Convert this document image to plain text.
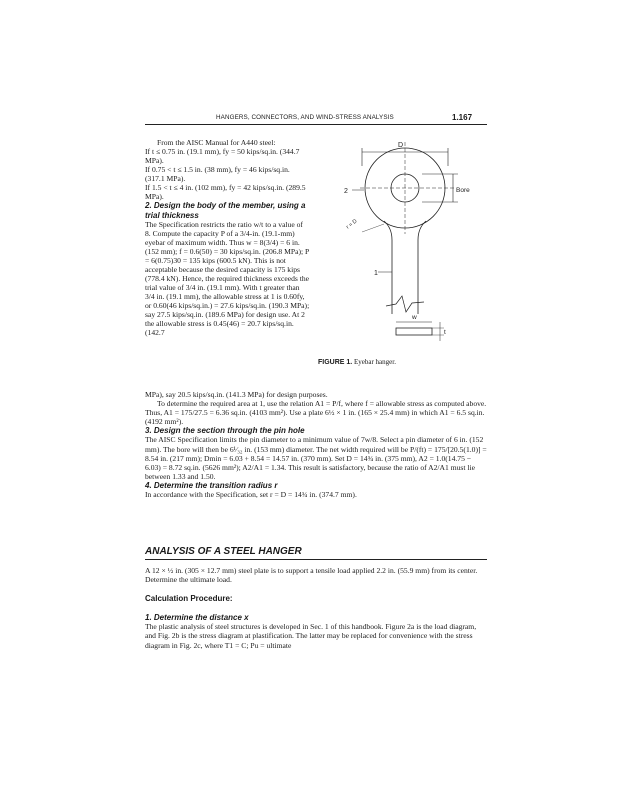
HANGERS, CONNECTORS, AND WIND-STRESS ANALYSIS	1.167

From the AISC Manual for A440 steel:

If t ≤ 0.75 in. (19.1 mm), fy = 50 kips/sq.in. (344.7 MPa).

If 0.75 < t ≤ 1.5 in. (38 mm), fy = 46 kips/sq.in. (317.1 MPa).

If 1.5 < t ≤ 4 in. (102 mm), fy = 42 kips/sq.in. (289.5 MPa).

2. Design the body of the member, using a trial thickness

The Specification restricts the ratio w/t to a value of 8. Compute the capacity P of a 3/4-in. (19.1-mm) eyebar of maximum width. Thus w = 8(3/4) = 6 in. (152 mm); f = 0.6(50) = 30 kips/sq.in. (206.8 MPa); P = 6(0.75)30 = 135 kips (600.5 kN). This is not acceptable because the desired capacity is 175 kips (778.4 kN). Hence, the required thickness exceeds the trial value of 3/4 in. (19.1 mm). With t greater than 3/4 in. (19.1 mm), the allowable stress at 1 is 0.60fy, or 0.60(46 kips/sq.in.) = 27.6 kips/sq.in. (190.3 MPa); say 27.5 kips/sq.in. (189.6 MPa) for design use. At 2 the allowable stress is 0.45(46) = 20.7 kips/sq.in. (142.7

D
Bore
2
r = D
1
w
t
FIGURE 1. Eyebar hanger.

MPa), say 20.5 kips/sq.in. (141.3 MPa) for design purposes.

To determine the required area at 1, use the relation A1 = P/f, where f = allowable stress as computed above. Thus, A1 = 175/27.5 = 6.36 sq.in. (4103 mm²). Use a plate 6½ × 1 in. (165 × 25.4 mm) in which A1 = 6.5 sq.in. (4192 mm²).

3. Design the section through the pin hole

The AISC Specification limits the pin diameter to a minimum value of 7w/8. Select a pin diameter of 6 in. (152 mm). The bore will then be 6¹⁄₃₂ in. (153 mm) diameter. The net width required will be P/(ft) = 175/[20.5(1.0)] = 8.54 in. (217 mm); Dmin = 6.03 + 8.54 = 14.57 in. (370 mm). Set D = 14¾ in. (375 mm), A2 = 1.0(14.75 − 6.03) = 8.72 sq.in. (5626 mm²); A2/A1 = 1.34. This result is satisfactory, because the ratio of A2/A1 must lie between 1.33 and 1.50.

4. Determine the transition radius r

In accordance with the Specification, set r = D = 14¾ in. (374.7 mm).

ANALYSIS OF A STEEL HANGER

A 12 × ½ in. (305 × 12.7 mm) steel plate is to support a tensile load applied 2.2 in. (55.9 mm) from its center. Determine the ultimate load.

Calculation Procedure:

1. Determine the distance x

The plastic analysis of steel structures is developed in Sec. 1 of this handbook. Figure 2a is the load diagram, and Fig. 2b is the stress diagram at plastification. The latter may be replaced for convenience with the stress diagram in Fig. 2c, where T1 = C; Pu = ultimate
